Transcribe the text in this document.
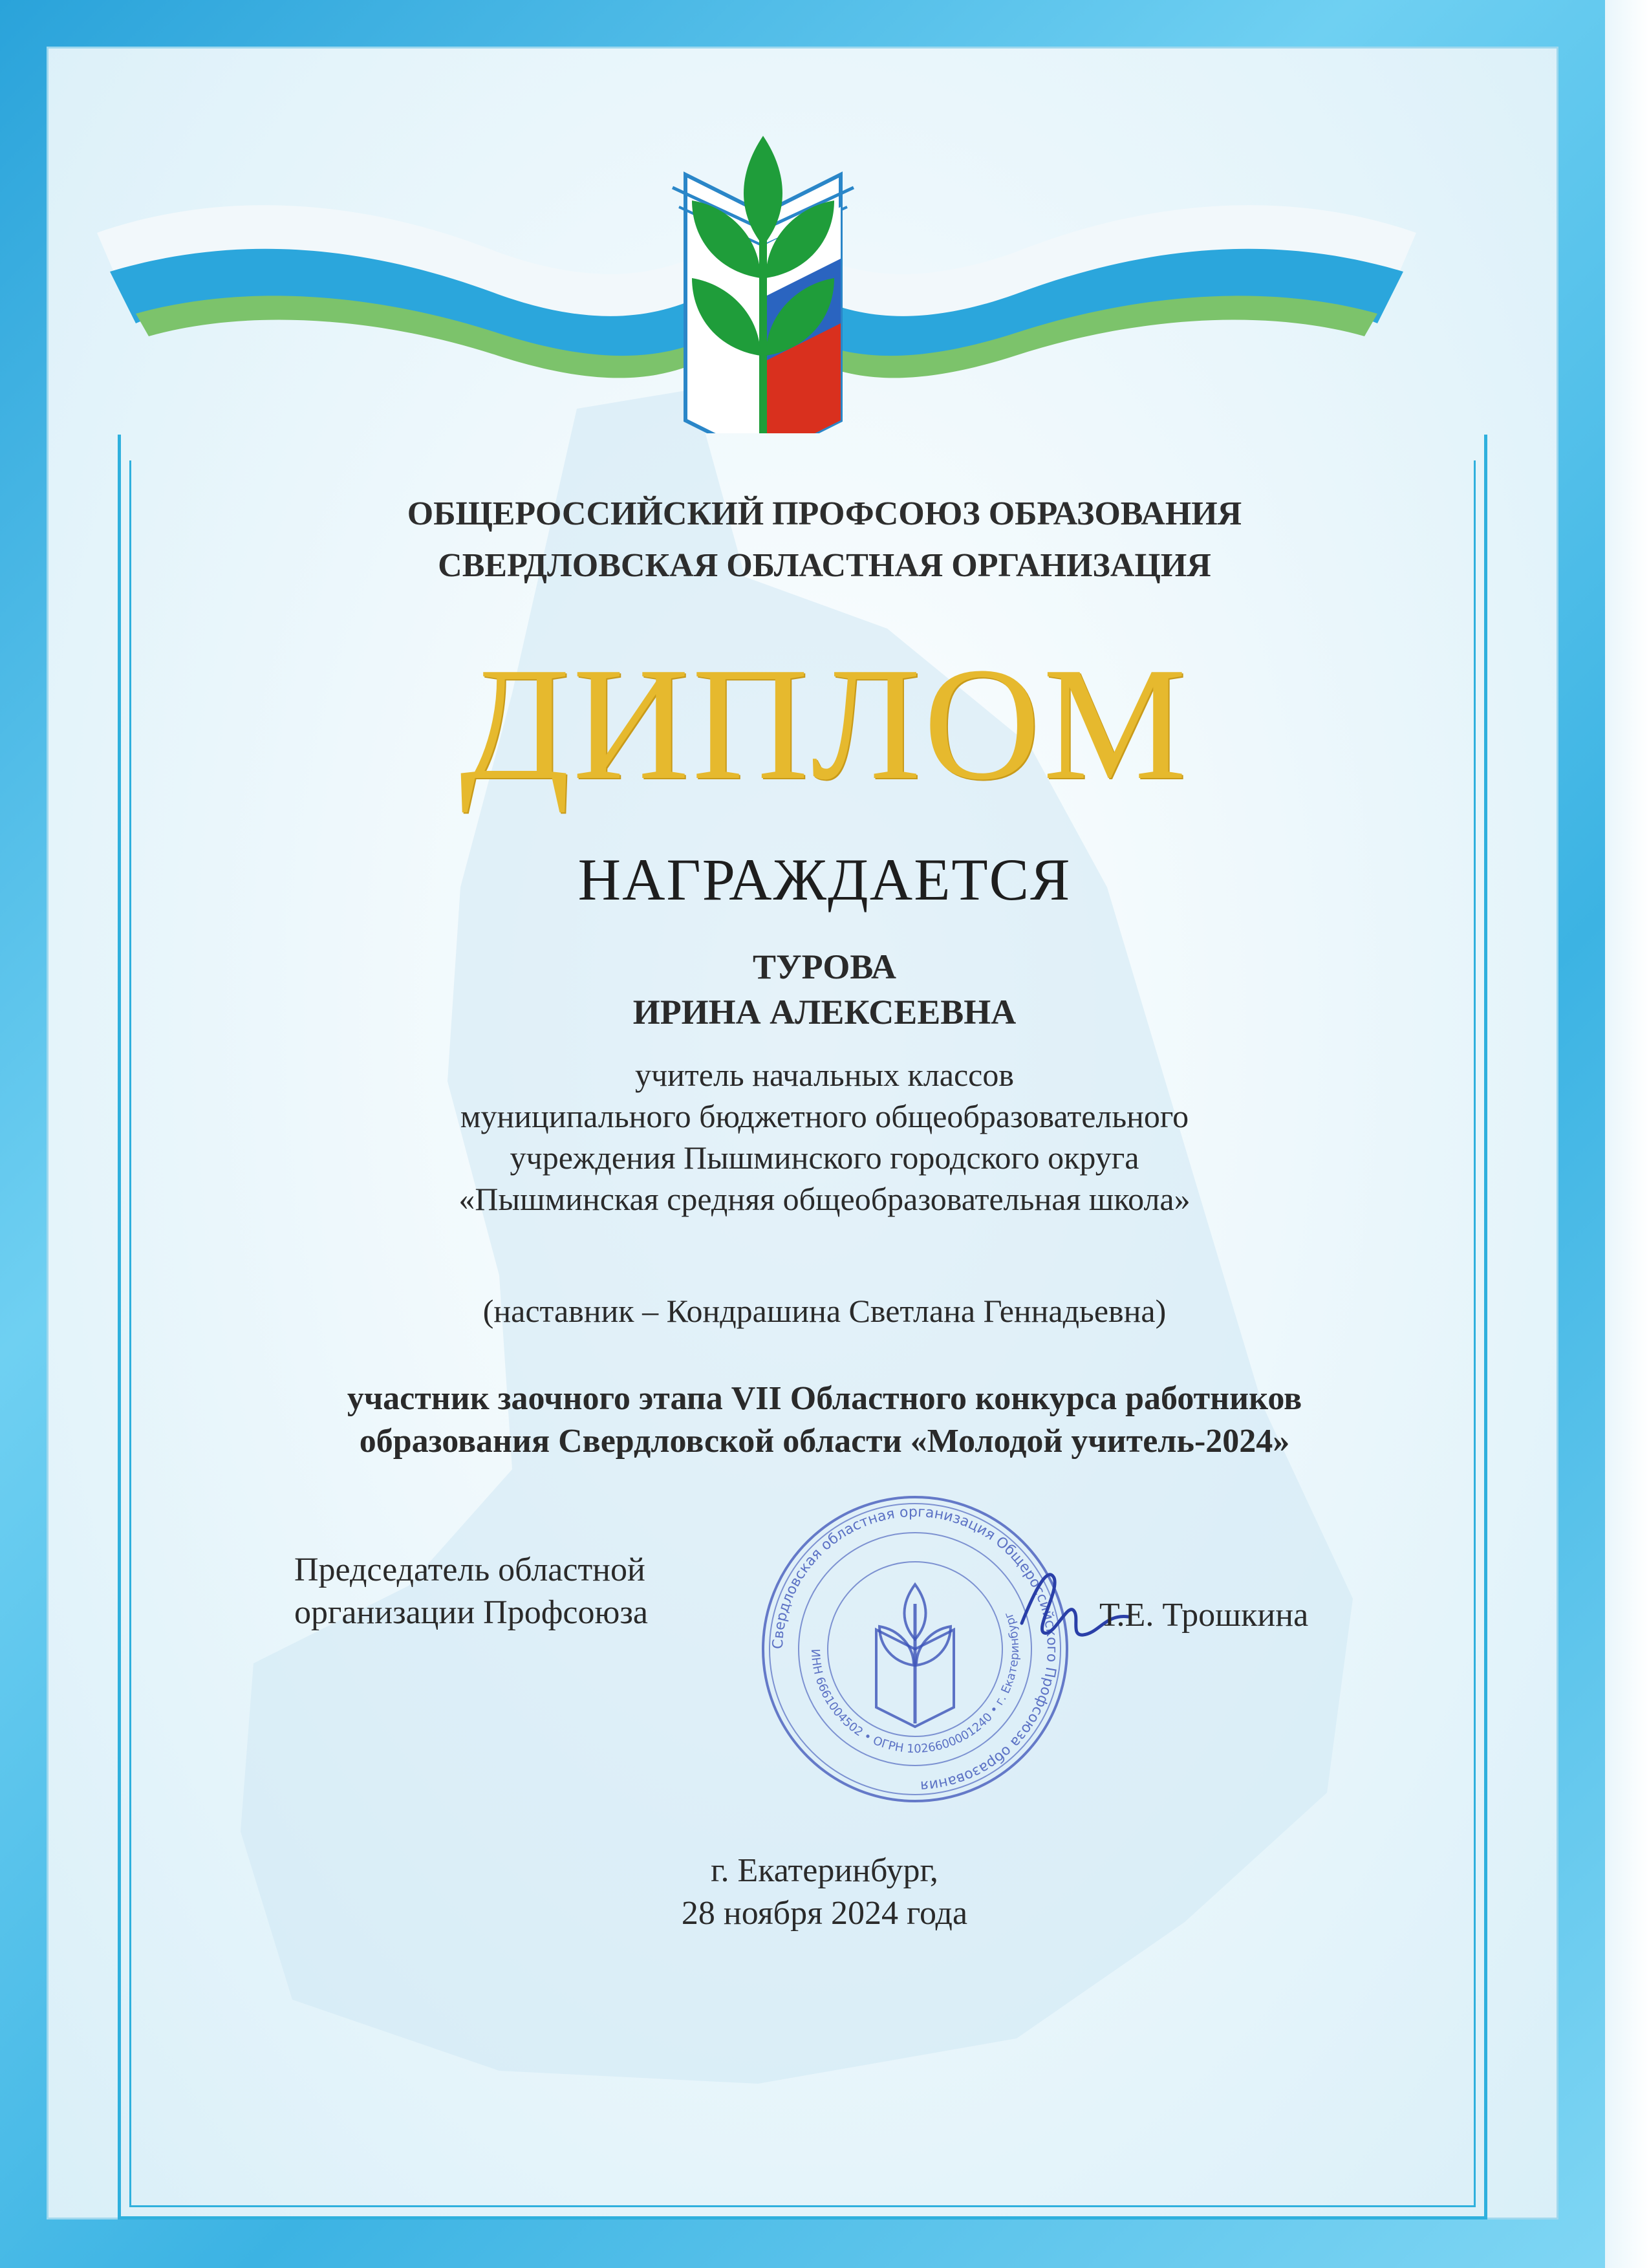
ОБЩЕРОССИЙСКИЙ ПРОФСОЮЗ ОБРАЗОВАНИЯ
СВЕРДЛОВСКАЯ ОБЛАСТНАЯ ОРГАНИЗАЦИЯ
ДИПЛОМ
НАГРАЖДАЕТСЯ
ТУРОВА
ИРИНА АЛЕКСЕЕВНА
учитель начальных классов
муниципального бюджетного общеобразовательного
учреждения Пышминского городского округа
«Пышминская средняя общеобразовательная школа»
(наставник – Кондрашина Светлана Геннадьевна)
участник заочного этапа VII Областного конкурса работников
образования Свердловской области «Молодой учитель-2024»
Председатель областной
организации Профсоюза
Свердловская областная организация Общероссийского Профсоюза образования
ИНН 6661004502 • ОГРН 1026600001240 • г. Екатеринбург Т.Е. Трошкина
г. Екатеринбург,
28 ноября 2024 года
